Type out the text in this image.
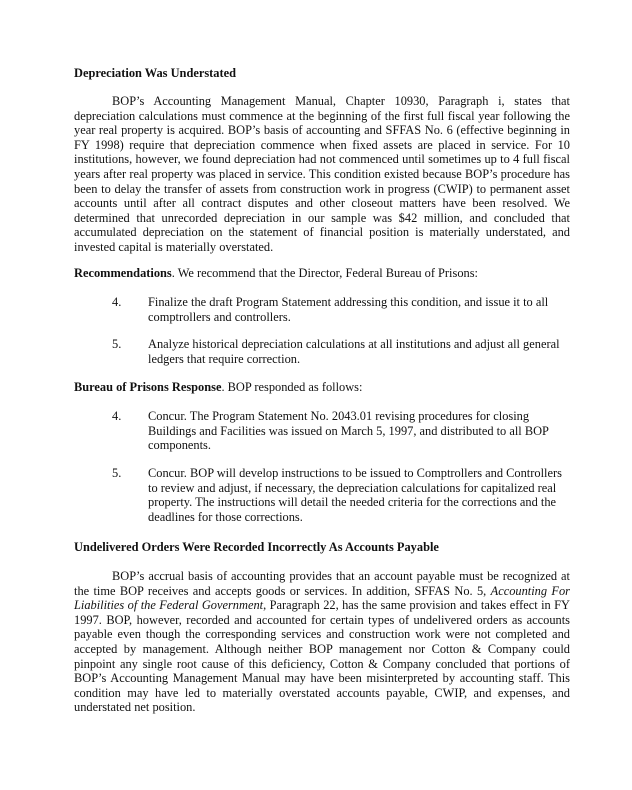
Depreciation Was Understated
BOP’s Accounting Management Manual, Chapter 10930, Paragraph i, states that depreciation calculations must commence at the beginning of the first full fiscal year following the year real property is acquired. BOP’s basis of accounting and SFFAS No. 6 (effective beginning in FY 1998) require that depreciation commence when fixed assets are placed in service. For 10 institutions, however, we found depreciation had not commenced until sometimes up to 4 full fiscal years after real property was placed in service. This condition existed because BOP’s procedure has been to delay the transfer of assets from construction work in progress (CWIP) to permanent asset accounts until after all contract disputes and other closeout matters have been resolved. We determined that unrecorded depreciation in our sample was $42 million, and concluded that accumulated depreciation on the statement of financial position is materially understated, and invested capital is materially overstated.
Recommendations. We recommend that the Director, Federal Bureau of Prisons:
4.	Finalize the draft Program Statement addressing this condition, and issue it to all comptrollers and controllers.
5.	Analyze historical depreciation calculations at all institutions and adjust all general ledgers that require correction.
Bureau of Prisons Response. BOP responded as follows:
4.	Concur. The Program Statement No. 2043.01 revising procedures for closing Buildings and Facilities was issued on March 5, 1997, and distributed to all BOP components.
5.	Concur. BOP will develop instructions to be issued to Comptrollers and Controllers to review and adjust, if necessary, the depreciation calculations for capitalized real property. The instructions will detail the needed criteria for the corrections and the deadlines for those corrections.
Undelivered Orders Were Recorded Incorrectly As Accounts Payable
BOP’s accrual basis of accounting provides that an account payable must be recognized at the time BOP receives and accepts goods or services. In addition, SFFAS No. 5, Accounting For Liabilities of the Federal Government, Paragraph 22, has the same provision and takes effect in FY 1997. BOP, however, recorded and accounted for certain types of undelivered orders as accounts payable even though the corresponding services and construction work were not completed and accepted by management. Although neither BOP management nor Cotton & Company could pinpoint any single root cause of this deficiency, Cotton & Company concluded that portions of BOP’s Accounting Management Manual may have been misinterpreted by accounting staff. This condition may have led to materially overstated accounts payable, CWIP, and expenses, and understated net position.
